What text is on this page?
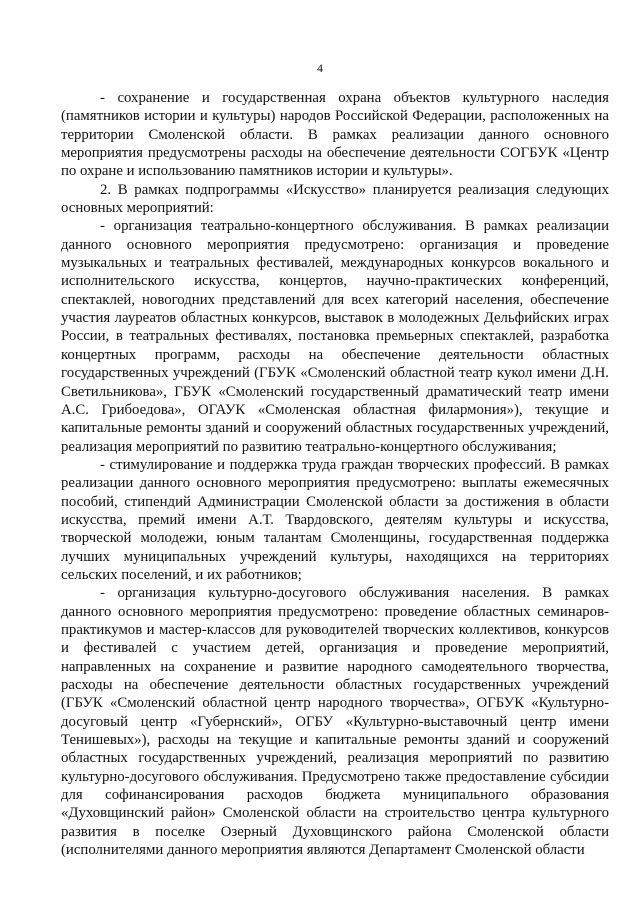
4

- сохранение и государственная охрана объектов культурного наследия (памятников истории и культуры) народов Российской Федерации, расположенных на территории Смоленской области. В рамках реализации данного основного мероприятия предусмотрены расходы на обеспечение деятельности СОГБУК «Центр по охране и использованию памятников истории и культуры».

2. В рамках подпрограммы «Искусство» планируется реализация следующих основных мероприятий:

- организация театрально-концертного обслуживания. В рамках реализации данного основного мероприятия предусмотрено: организация и проведение музыкальных и театральных фестивалей, международных конкурсов вокального и исполнительского искусства, концертов, научно-практических конференций, спектаклей, новогодних представлений для всех категорий населения, обеспечение участия лауреатов областных конкурсов, выставок в молодежных Дельфийских играх России, в театральных фестивалях, постановка премьерных спектаклей, разработка концертных программ, расходы на обеспечение деятельности областных государственных учреждений (ГБУК «Смоленский областной театр кукол имени Д.Н. Светильникова», ГБУК «Смоленский государственный драматический театр имени А.С. Грибоедова», ОГАУК «Смоленская областная филармония»), текущие и капитальные ремонты зданий и сооружений областных государственных учреждений, реализация мероприятий по развитию театрально-концертного обслуживания;

- стимулирование и поддержка труда граждан творческих профессий. В рамках реализации данного основного мероприятия предусмотрено: выплаты ежемесячных пособий, стипендий Администрации Смоленской области за достижения в области искусства, премий имени А.Т. Твардовского, деятелям культуры и искусства, творческой молодежи, юным талантам Смоленщины, государственная поддержка лучших муниципальных учреждений культуры, находящихся на территориях сельских поселений, и их работников;

- организация культурно-досугового обслуживания населения. В рамках данного основного мероприятия предусмотрено: проведение областных семинаров-практикумов и мастер-классов для руководителей творческих коллективов, конкурсов и фестивалей с участием детей, организация и проведение мероприятий, направленных на сохранение и развитие народного самодеятельного творчества, расходы на обеспечение деятельности областных государственных учреждений (ГБУК «Смоленский областной центр народного творчества», ОГБУК «Культурно-досуговый центр «Губернский», ОГБУ «Культурно-выставочный центр имени Тенишевых»), расходы на текущие и капитальные ремонты зданий и сооружений областных государственных учреждений, реализация мероприятий по развитию культурно-досугового обслуживания. Предусмотрено также предоставление субсидии для софинансирования расходов бюджета муниципального образования «Духовщинский район» Смоленской области на строительство центра культурного развития в поселке Озерный Духовщинского района Смоленской области (исполнителями данного мероприятия являются Департамент Смоленской области
